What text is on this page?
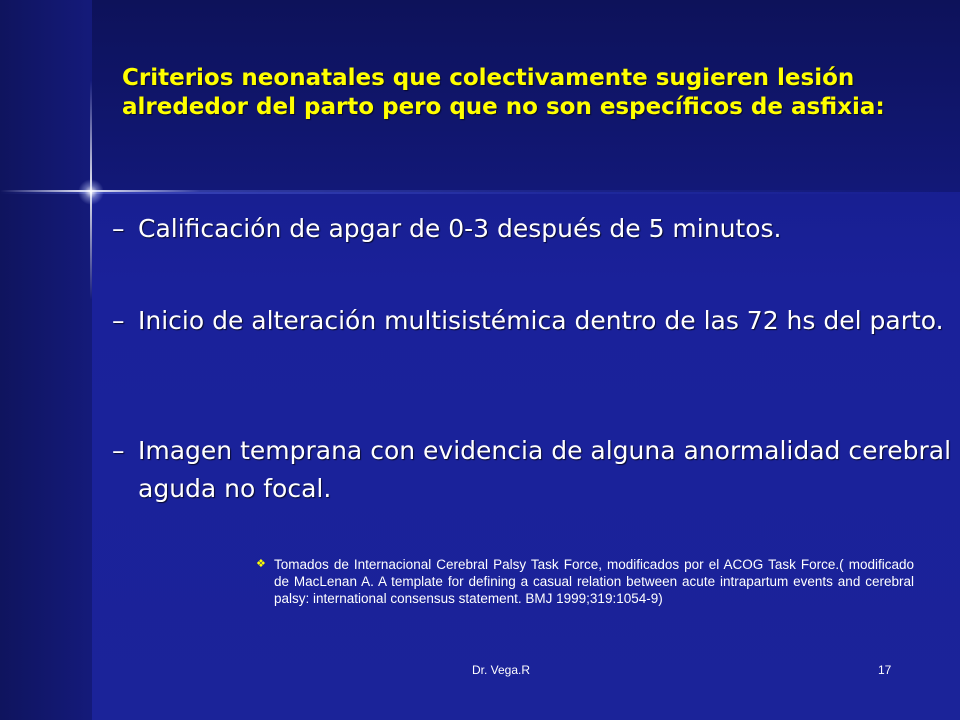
Criterios neonatales que colectivamente sugieren lesión alrededor del parto pero que no son específicos de asfixia:
– Calificación de apgar de 0-3 después de 5 minutos.
– Inicio de alteración multisistémica dentro de las 72 hs del parto.
– Imagen temprana con evidencia de alguna anormalidad cerebral aguda no focal.
❖ Tomados de Internacional Cerebral Palsy Task Force, modificados por el ACOG Task Force.( modificado de MacLenan A. A template for defining a casual relation between acute intrapartum events and cerebral palsy: international consensus statement. BMJ 1999;319:1054-9)
Dr. Vega.R	17
